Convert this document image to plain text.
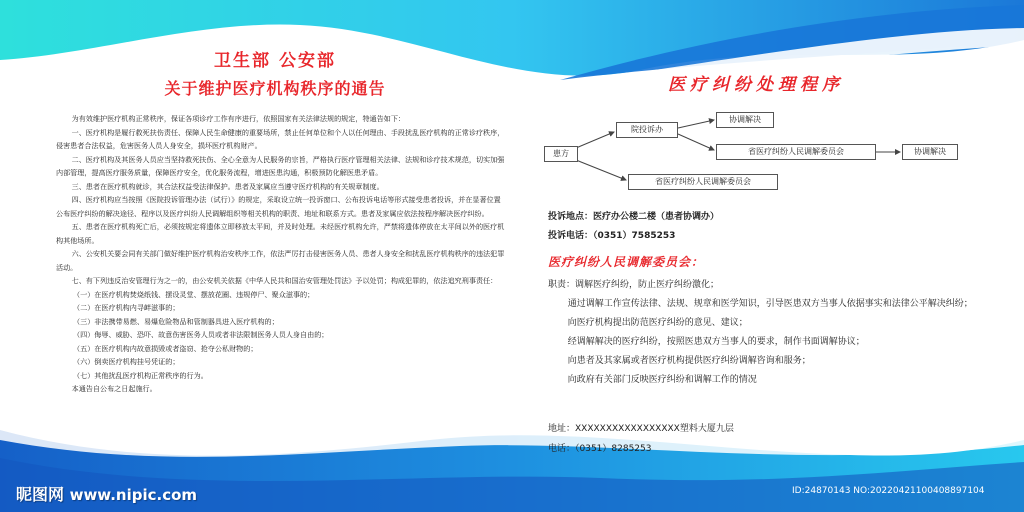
卫生部 公安部
关于维护医疗机构秩序的通告

为有效维护医疗机构正常秩序，保证各项诊疗工作有序进行，依照国家有关法律法规的规定，特通告如下：

一、医疗机构是履行救死扶伤责任、保障人民生命健康的重要场所，禁止任何单位和个人以任何理由、手段扰乱医疗机构的正常诊疗秩序，侵害患者合法权益，危害医务人员人身安全，损坏医疗机构财产。

二、医疗机构及其医务人员应当坚持救死扶伤、全心全意为人民服务的宗旨，严格执行医疗管理相关法律、法规和诊疗技术规范，切实加强内部管理，提高医疗服务质量，保障医疗安全，优化服务流程，增进医患沟通，积极预防化解医患矛盾。

三、患者在医疗机构就诊，其合法权益受法律保护。患者及家属应当遵守医疗机构的有关规章制度。

四、医疗机构应当按照《医院投诉管理办法（试行）》的规定，采取设立统一投诉窗口、公布投诉电话等形式接受患者投诉，并在显著位置公布医疗纠纷的解决途径、程序以及医疗纠纷人民调解组织等相关机构的职责、地址和联系方式。患者及家属应依法按程序解决医疗纠纷。

五、患者在医疗机构死亡后，必须按规定将遗体立即移放太平间，并及时处理。未经医疗机构允许，严禁将遗体停放在太平间以外的医疗机构其他场所。

六、公安机关要会同有关部门做好维护医疗机构治安秩序工作，依法严厉打击侵害医务人员、患者人身安全和扰乱医疗机构秩序的违法犯罪活动。

七、有下列违反治安管理行为之一的，由公安机关依据《中华人民共和国治安管理处罚法》予以处罚；构成犯罪的，依法追究刑事责任：

（一）在医疗机构焚烧纸钱、摆设灵堂、摆放花圈、违规停尸、聚众滋事的；

（二）在医疗机构内寻衅滋事的；

（三）非法携带易燃、易爆危险物品和管制器具进入医疗机构的；

（四）侮辱、威胁、恐吓、故意伤害医务人员或者非法限制医务人员人身自由的；

（五）在医疗机构内故意损毁或者盗窃、抢夺公私财物的；

（六）倒卖医疗机构挂号凭证的；

（七）其他扰乱医疗机构正常秩序的行为。

本通告自公布之日起施行。

医疗纠纷处理程序
患方
院投诉办
协调解决
省医疗纠纷人民调解委员会	协调解决
省医疗纠纷人民调解委员会
投诉地点：医疗办公楼二楼（患者协调办）
投诉电话：（0351）7585253
医疗纠纷人民调解委员会：

职责：调解医疗纠纷，防止医疗纠纷激化；

通过调解工作宣传法律、法规、规章和医学知识，引导医患双方当事人依据事实和法律公平解决纠纷；

向医疗机构提出防范医疗纠纷的意见、建议；

经调解解决的医疗纠纷，按照医患双方当事人的要求，制作书面调解协议；

向患者及其家属或者医疗机构提供医疗纠纷调解咨询和服务；

向政府有关部门反映医疗纠纷和调解工作的情况

地址：XXXXXXXXXXXXXXXXX塑料大厦九层
电话：（0351）8285253
昵图网 www.nipic.com	ID:24870143 NO:20220421100408897104
